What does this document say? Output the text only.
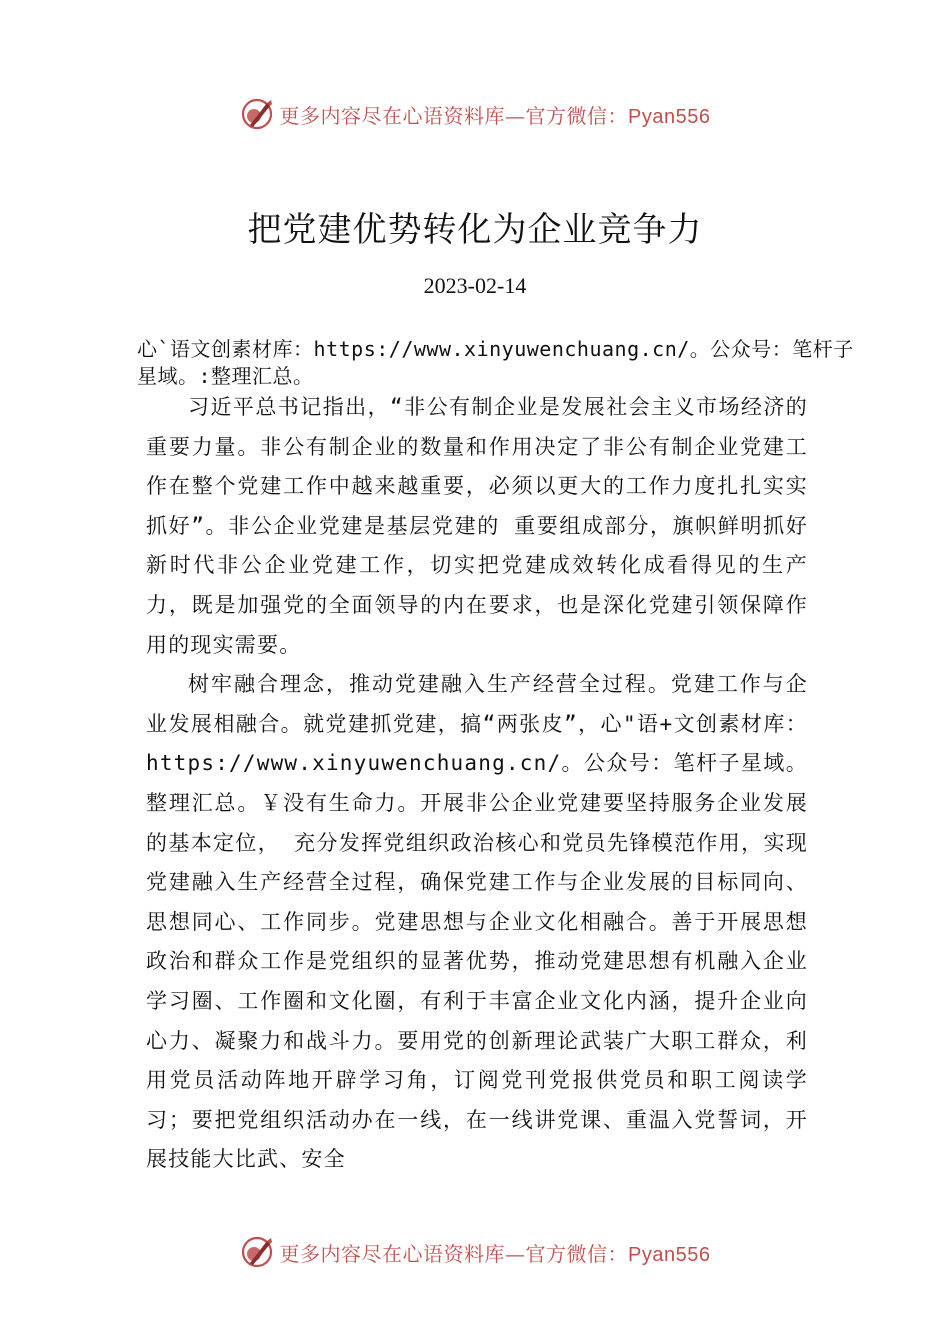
更多内容尽在心语资料库—官方微信：Pyan556
把党建优势转化为企业竞争力
2023-02-14
心`语文创素材库：https://www.xinyuwenchuang.cn/。公众号：笔杆子星域。:整理汇总。

习近平总书记指出，“非公有制企业是发展社会主义市场经济的重要力量。非公有制企业的数量和作用决定了非公有制企业党建工作在整个党建工作中越来越重要，必须以更大的工作力度扎扎实实抓好”。非公企业党建是基层党建的 重要组成部分，旗帜鲜明抓好新时代非公企业党建工作，切实把党建成效转化成看得见的生产力，既是加强党的全面领导的内在要求，也是深化党建引领保障作用的现实需要。

树牢融合理念，推动党建融入生产经营全过程。党建工作与企业发展相融合。就党建抓党建，搞“两张皮”，心"语+文创素材库：https://www.xinyuwenchuang.cn/。公众号：笔杆子星域。整理汇总。￥没有生命力。开展非公企业党建要坚持服务企业发展的基本定位， 充分发挥党组织政治核心和党员先锋模范作用，实现党建融入生产经营全过程，确保党建工作与企业发展的目标同向、 思想同心、工作同步。党建思想与企业文化相融合。善于开展思想政治和群众工作是党组织的显著优势，推动党建思想有机融入企业学习圈、工作圈和文化圈，有利于丰富企业文化内涵，提升企业向心力、凝聚力和战斗力。要用党的创新理论武装广大职工群众，利用党员活动阵地开辟学习角，订阅党刊党报供党员和职工阅读学习；要把党组织活动办在一线，在一线讲党课、重温入党誓词，开展技能大比武、安全

更多内容尽在心语资料库—官方微信：Pyan556
